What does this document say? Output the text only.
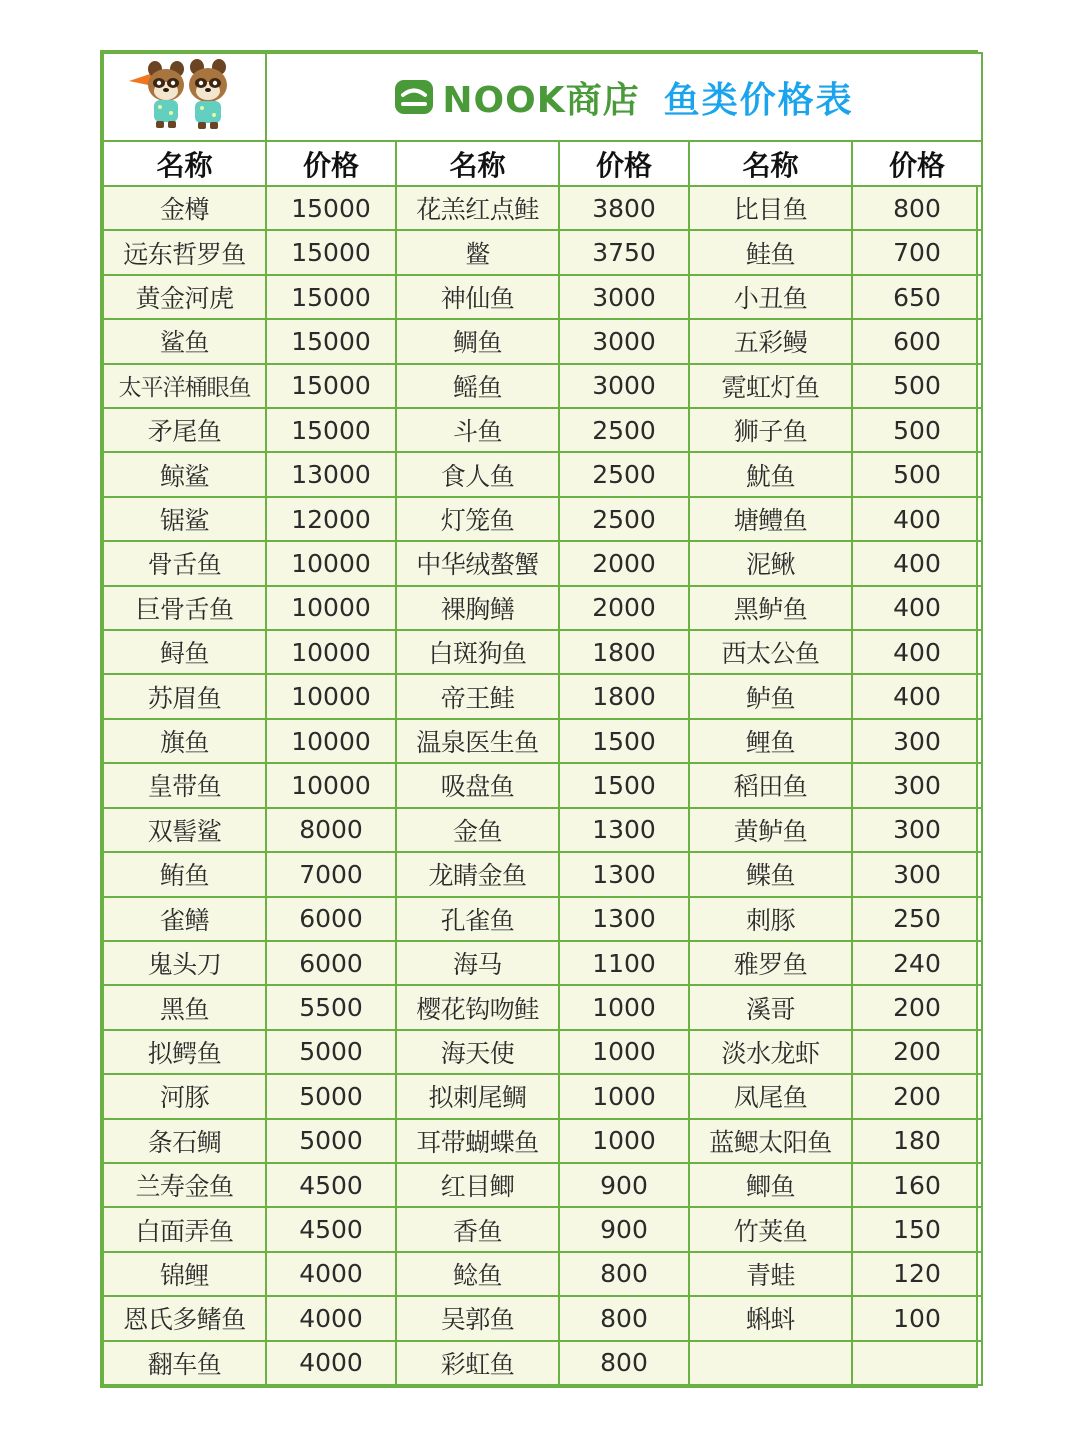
NOOK商店 鱼类价格表				

名称	价格	名称	价格	名称	价格
金樽	15000	花羔红点鲑	3800	比目鱼	800
远东哲罗鱼	15000	鳖	3750	鲑鱼	700
黄金河虎	15000	神仙鱼	3000	小丑鱼	650
鲨鱼	15000	鲷鱼	3000	五彩鳗	600
太平洋桶眼鱼	15000	鳐鱼	3000	霓虹灯鱼	500
矛尾鱼	15000	斗鱼	2500	狮子鱼	500
鲸鲨	13000	食人鱼	2500	魷鱼	500
锯鲨	12000	灯笼鱼	2500	塘鳢鱼	400
骨舌鱼	10000	中华绒螯蟹	2000	泥鳅	400
巨骨舌鱼	10000	裸胸鳝	2000	黑鲈鱼	400
鲟鱼	10000	白斑狗鱼	1800	西太公鱼	400
苏眉鱼	10000	帝王鲑	1800	鲈鱼	400
旗鱼	10000	温泉医生鱼	1500	鲤鱼	300
皇带鱼	10000	吸盘鱼	1500	稻田鱼	300
双髻鲨	8000	金鱼	1300	黄鲈鱼	300
鲔鱼	7000	龙睛金鱼	1300	鲽鱼	300
雀鳝	6000	孔雀鱼	1300	刺豚	250
鬼头刀	6000	海马	1100	雅罗鱼	240
黑鱼	5500	樱花钩吻鲑	1000	溪哥	200
拟鳄鱼	5000	海天使	1000	淡水龙虾	200
河豚	5000	拟刺尾鲷	1000	凤尾鱼	200
条石鲷	5000	耳带蝴蝶鱼	1000	蓝鳃太阳鱼	180
兰寿金鱼	4500	红目鲫	900	鲫鱼	160
白面弄鱼	4500	香鱼	900	竹荚鱼	150
锦鲤	4000	鲶鱼	800	青蛙	120
恩氏多鳍鱼	4000	吴郭鱼	800	蝌蚪	100
翻车鱼	4000	彩虹鱼	800		
